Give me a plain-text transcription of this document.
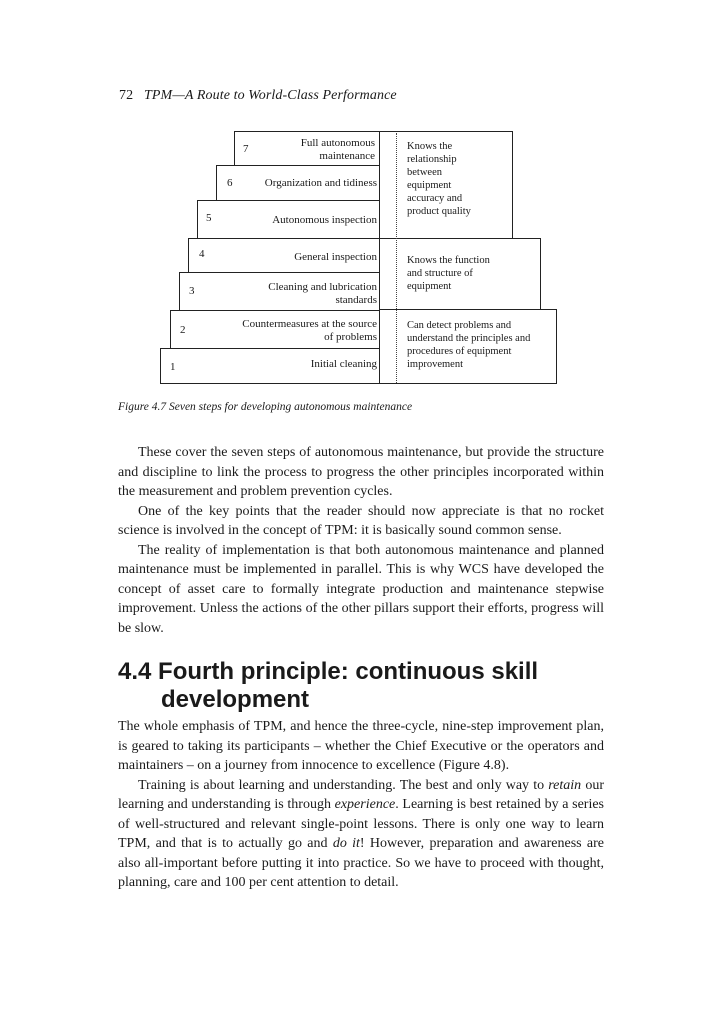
72 TPM—A Route to World-Class Performance
7
6
5
4
3
2
1
Full autonomous
maintenance
Organization and tidiness
Autonomous inspection
General inspection
Cleaning and lubrication
standards
Countermeasures at the source
of problems
Initial cleaning
Knows the
relationship
between
equipment
accuracy and
product quality
Knows the function
and structure of
equipment
Can detect problems and
understand the principles and
procedures of equipment
improvement
Figure 4.7 Seven steps for developing autonomous maintenance

These cover the seven steps of autonomous maintenance, but provide the structure and discipline to link the process to progress the other principles incorporated within the measurement and problem prevention cycles.

One of the key points that the reader should now appreciate is that no rocket science is involved in the concept of TPM: it is basically sound common sense.

The reality of implementation is that both autonomous maintenance and planned maintenance must be implemented in parallel. This is why WCS have developed the concept of asset care to formally integrate production and maintenance stepwise improvement. Unless the actions of the other pillars support their efforts, progress will be slow.

4.4 Fourth principle: continuous skill
development

The whole emphasis of TPM, and hence the three-cycle, nine-step improvement plan, is geared to taking its participants – whether the Chief Executive or the operators and maintainers – on a journey from innocence to excellence (Figure 4.8).

Training is about learning and understanding. The best and only way to retain our learning and understanding is through experience. Learning is best retained by a series of well-structured and relevant single-point lessons. There is only one way to learn TPM, and that is to actually go and do it! However, preparation and awareness are also all-important before putting it into practice. So we have to proceed with thought, planning, care and 100 per cent attention to detail.
